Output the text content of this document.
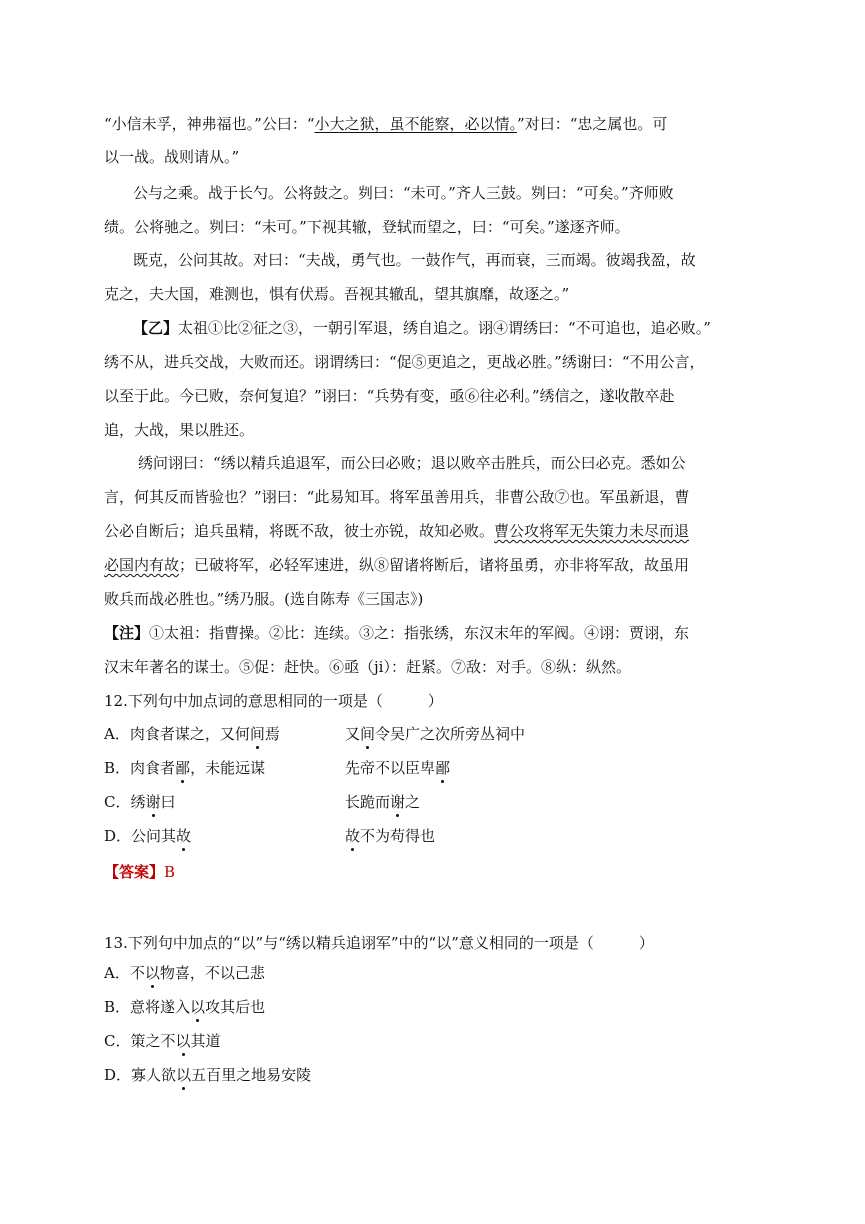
“小信未孚，神弗福也。”公曰：“小大之狱，虽不能察，必以情。”对曰：“忠之属也。可
以一战。战则请从。”
公与之乘。战于长勺。公将鼓之。刿曰：“未可。”齐人三鼓。刿曰：“可矣。”齐师败
绩。公将驰之。刿曰：“未可。”下视其辙，登轼而望之，曰：“可矣。”遂逐齐师。
既克，公问其故。对曰：“夫战，勇气也。一鼓作气，再而衰，三而竭。彼竭我盈，故
克之，夫大国，难测也，惧有伏焉。吾视其辙乱，望其旗靡，故逐之。”
【乙】太祖①比②征之③，一朝引军退，绣自追之。诩④谓绣曰：“不可追也，追必败。”
绣不从，进兵交战，大败而还。诩谓绣曰：“促⑤更追之，更战必胜。”绣谢曰：“不用公言，
以至于此。今已败，奈何复追？”诩曰：“兵势有变，亟⑥往必利。”绣信之，遂收散卒赴
追，大战，果以胜还。
绣问诩曰：“绣以精兵追退军，而公曰必败；退以败卒击胜兵，而公曰必克。悉如公
言，何其反而皆验也？”诩曰：“此易知耳。将军虽善用兵，非曹公敌⑦也。军虽新退，曹
公必自断后；追兵虽精，将既不敌，彼士亦锐，故知必败。曹公攻将军无失策力未尽而退
必国内有故；已破将军，必轻军速进，纵⑧留诸将断后，诸将虽勇，亦非将军敌，故虽用
败兵而战必胜也。”绣乃服。(选自陈寿《三国志》)
【注】①太祖：指曹操。②比：连续。③之：指张绣，东汉末年的军阀。④诩：贾诩，东
汉末年著名的谋士。⑤促：赶快。⑥亟（ji）：赶紧。⑦敌：对手。⑧纵：纵然。
12.下列句中加点词的意思相同的一项是（　　　）
A．肉食者谋之，又何间焉	又间令吴广之次所旁丛祠中
B．肉食者鄙，未能远谋	先帝不以臣卑鄙
C．绣谢曰	长跪而谢之
D．公问其故	故不为苟得也
【答案】B
13.下列句中加点的“以”与“绣以精兵追诩军”中的“以”意义相同的一项是（　　　）
A．不以物喜，不以己悲
B．意将遂入以攻其后也
C．策之不以其道
D．寡人欲以五百里之地易安陵
